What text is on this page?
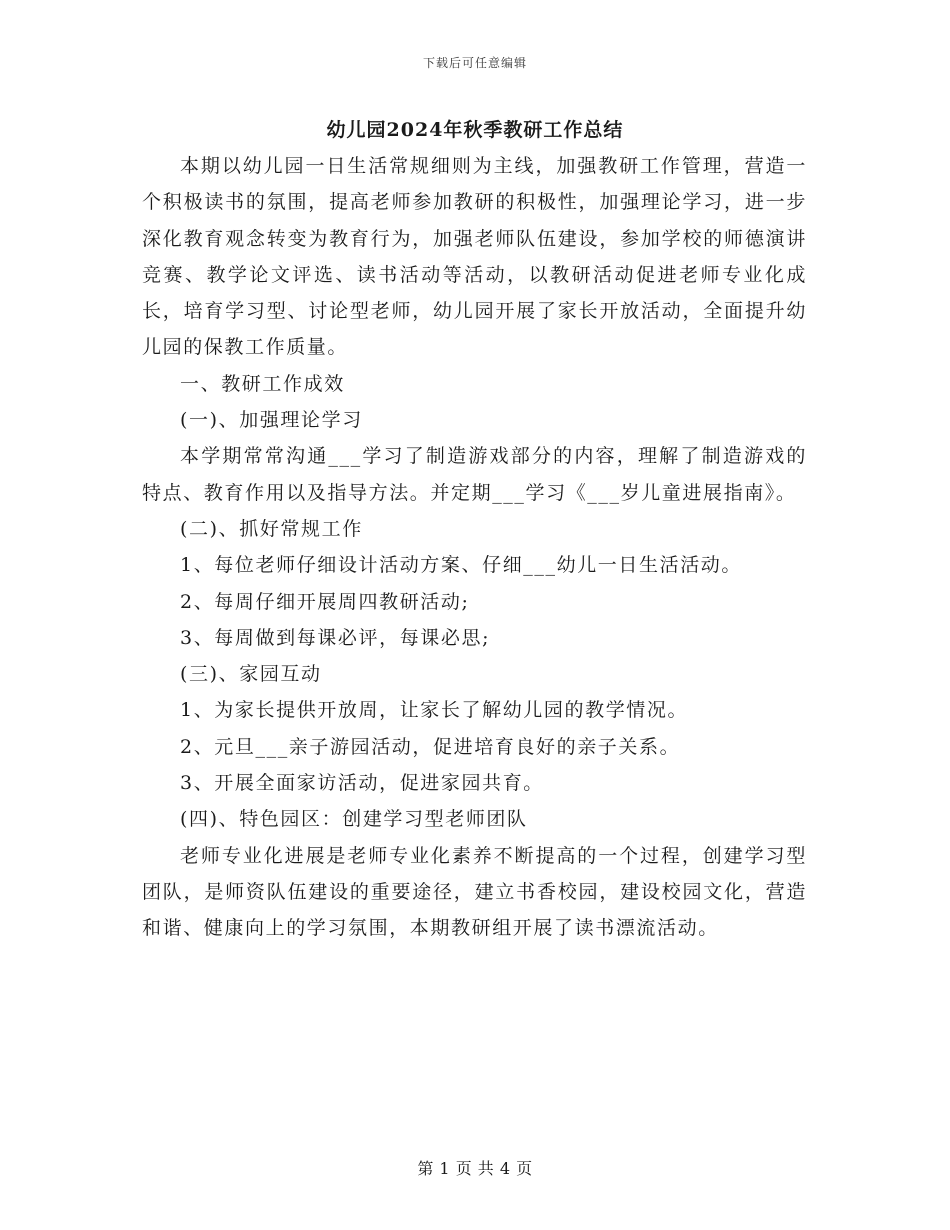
下载后可任意编辑
幼儿园2024年秋季教研工作总结

本期以幼儿园一日生活常规细则为主线，加强教研工作管理，营造一个积极读书的氛围，提高老师参加教研的积极性，加强理论学习，进一步深化教育观念转变为教育行为，加强老师队伍建设，参加学校的师德演讲竞赛、教学论文评选、读书活动等活动，以教研活动促进老师专业化成长，培育学习型、讨论型老师，幼儿园开展了家长开放活动，全面提升幼儿园的保教工作质量。

一、教研工作成效

(一)、加强理论学习

本学期常常沟通___学习了制造游戏部分的内容，理解了制造游戏的特点、教育作用以及指导方法。并定期___学习《___岁儿童进展指南》。

(二)、抓好常规工作

1、每位老师仔细设计活动方案、仔细___幼儿一日生活活动。

2、每周仔细开展周四教研活动;

3、每周做到每课必评，每课必思;

(三)、家园互动

1、为家长提供开放周，让家长了解幼儿园的教学情况。

2、元旦___亲子游园活动，促进培育良好的亲子关系。

3、开展全面家访活动，促进家园共育。

(四)、特色园区：创建学习型老师团队

老师专业化进展是老师专业化素养不断提高的一个过程，创建学习型团队，是师资队伍建设的重要途径，建立书香校园，建设校园文化，营造和谐、健康向上的学习氛围，本期教研组开展了读书漂流活动。

第 1 页 共 4 页
